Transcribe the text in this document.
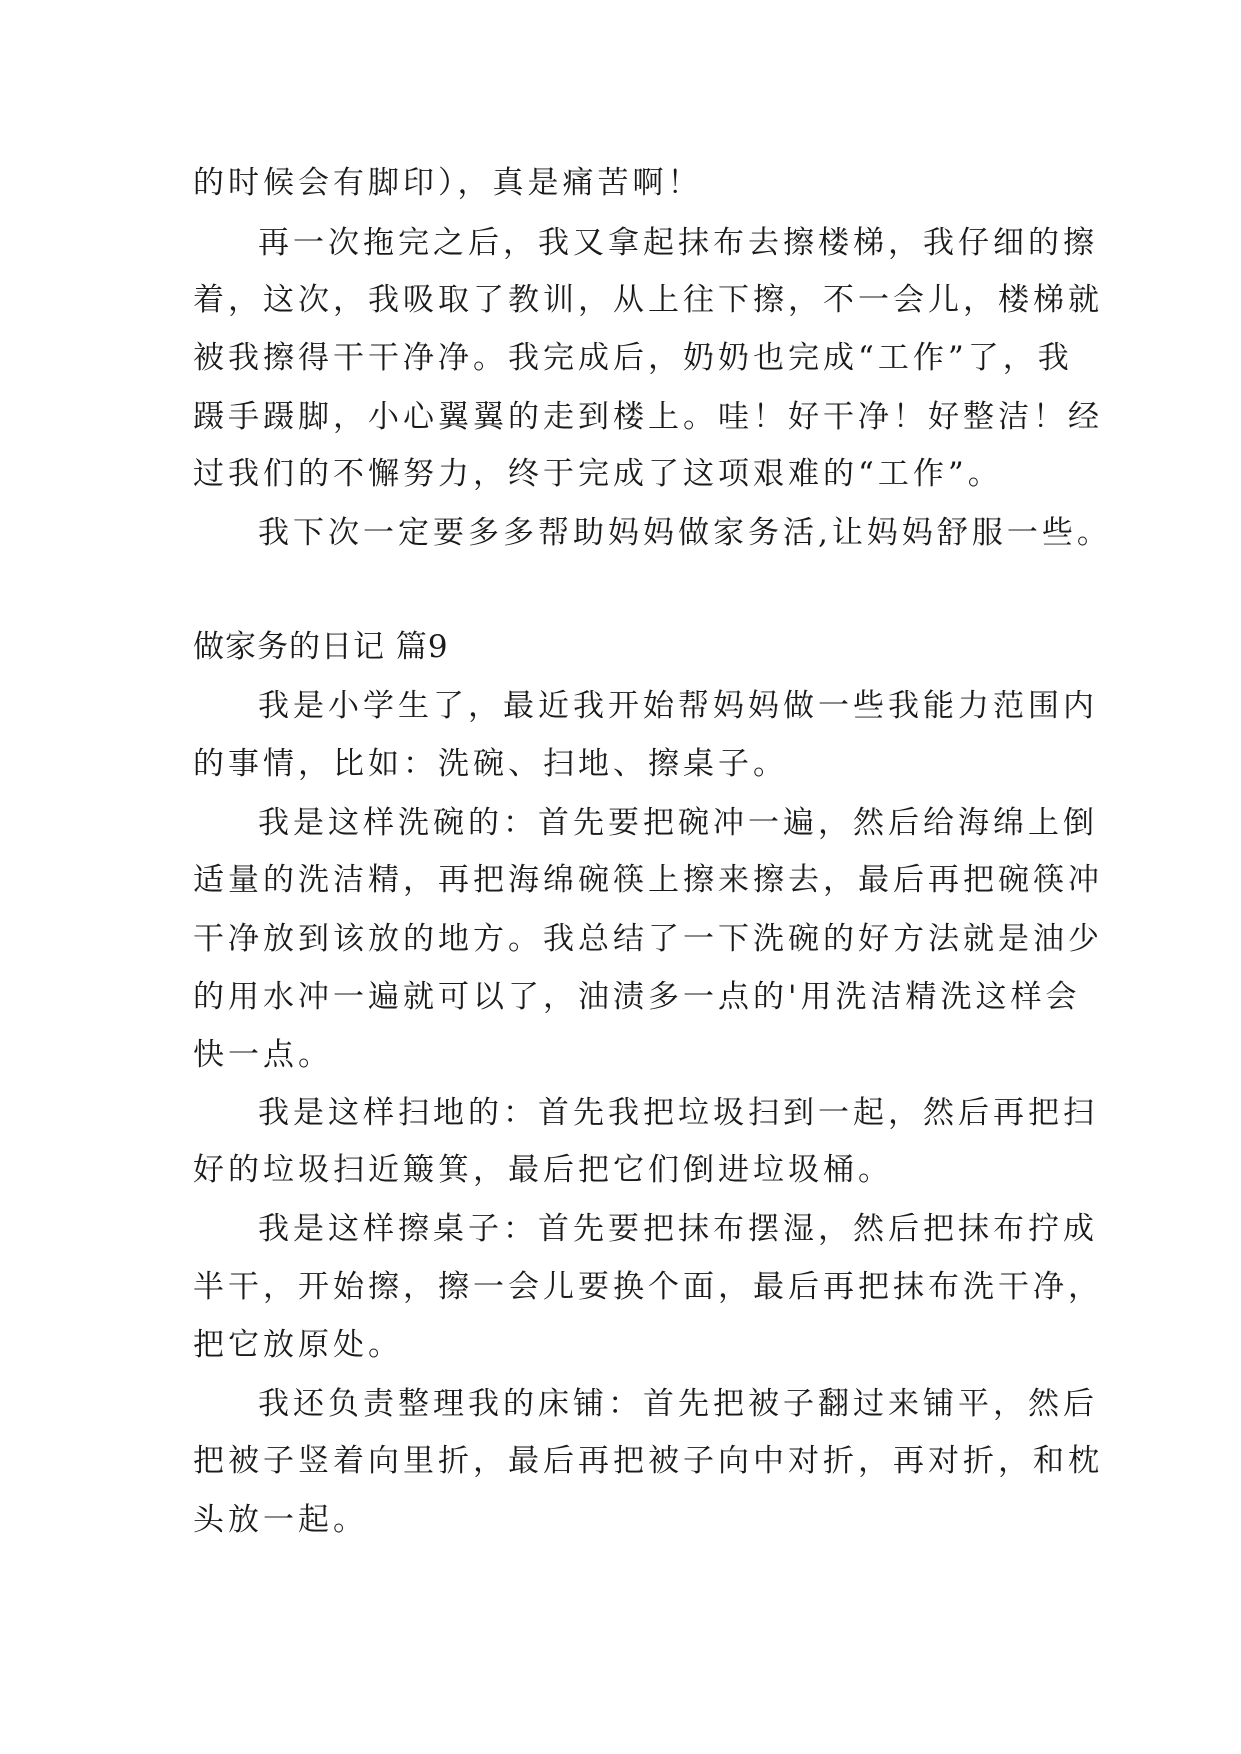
的时候会有脚印），真是痛苦啊！
再一次拖完之后，我又拿起抹布去擦楼梯，我仔细的擦
着，这次，我吸取了教训，从上往下擦，不一会儿，楼梯就
被我擦得干干净净。我完成后，奶奶也完成“工作”了，我
蹑手蹑脚，小心翼翼的走到楼上。哇！好干净！好整洁！经
过我们的不懈努力，终于完成了这项艰难的“工作”。
我下次一定要多多帮助妈妈做家务活,让妈妈舒服一些。
做家务的日记 篇9
我是小学生了，最近我开始帮妈妈做一些我能力范围内
的事情，比如：洗碗、扫地、擦桌子。
我是这样洗碗的：首先要把碗冲一遍，然后给海绵上倒
适量的洗洁精，再把海绵碗筷上擦来擦去，最后再把碗筷冲
干净放到该放的地方。我总结了一下洗碗的好方法就是油少
的用水冲一遍就可以了，油渍多一点的'用洗洁精洗这样会
快一点。
我是这样扫地的：首先我把垃圾扫到一起，然后再把扫
好的垃圾扫近簸箕，最后把它们倒进垃圾桶。
我是这样擦桌子：首先要把抹布摆湿，然后把抹布拧成
半干，开始擦，擦一会儿要换个面，最后再把抹布洗干净，
把它放原处。
我还负责整理我的床铺：首先把被子翻过来铺平，然后
把被子竖着向里折，最后再把被子向中对折，再对折，和枕
头放一起。
